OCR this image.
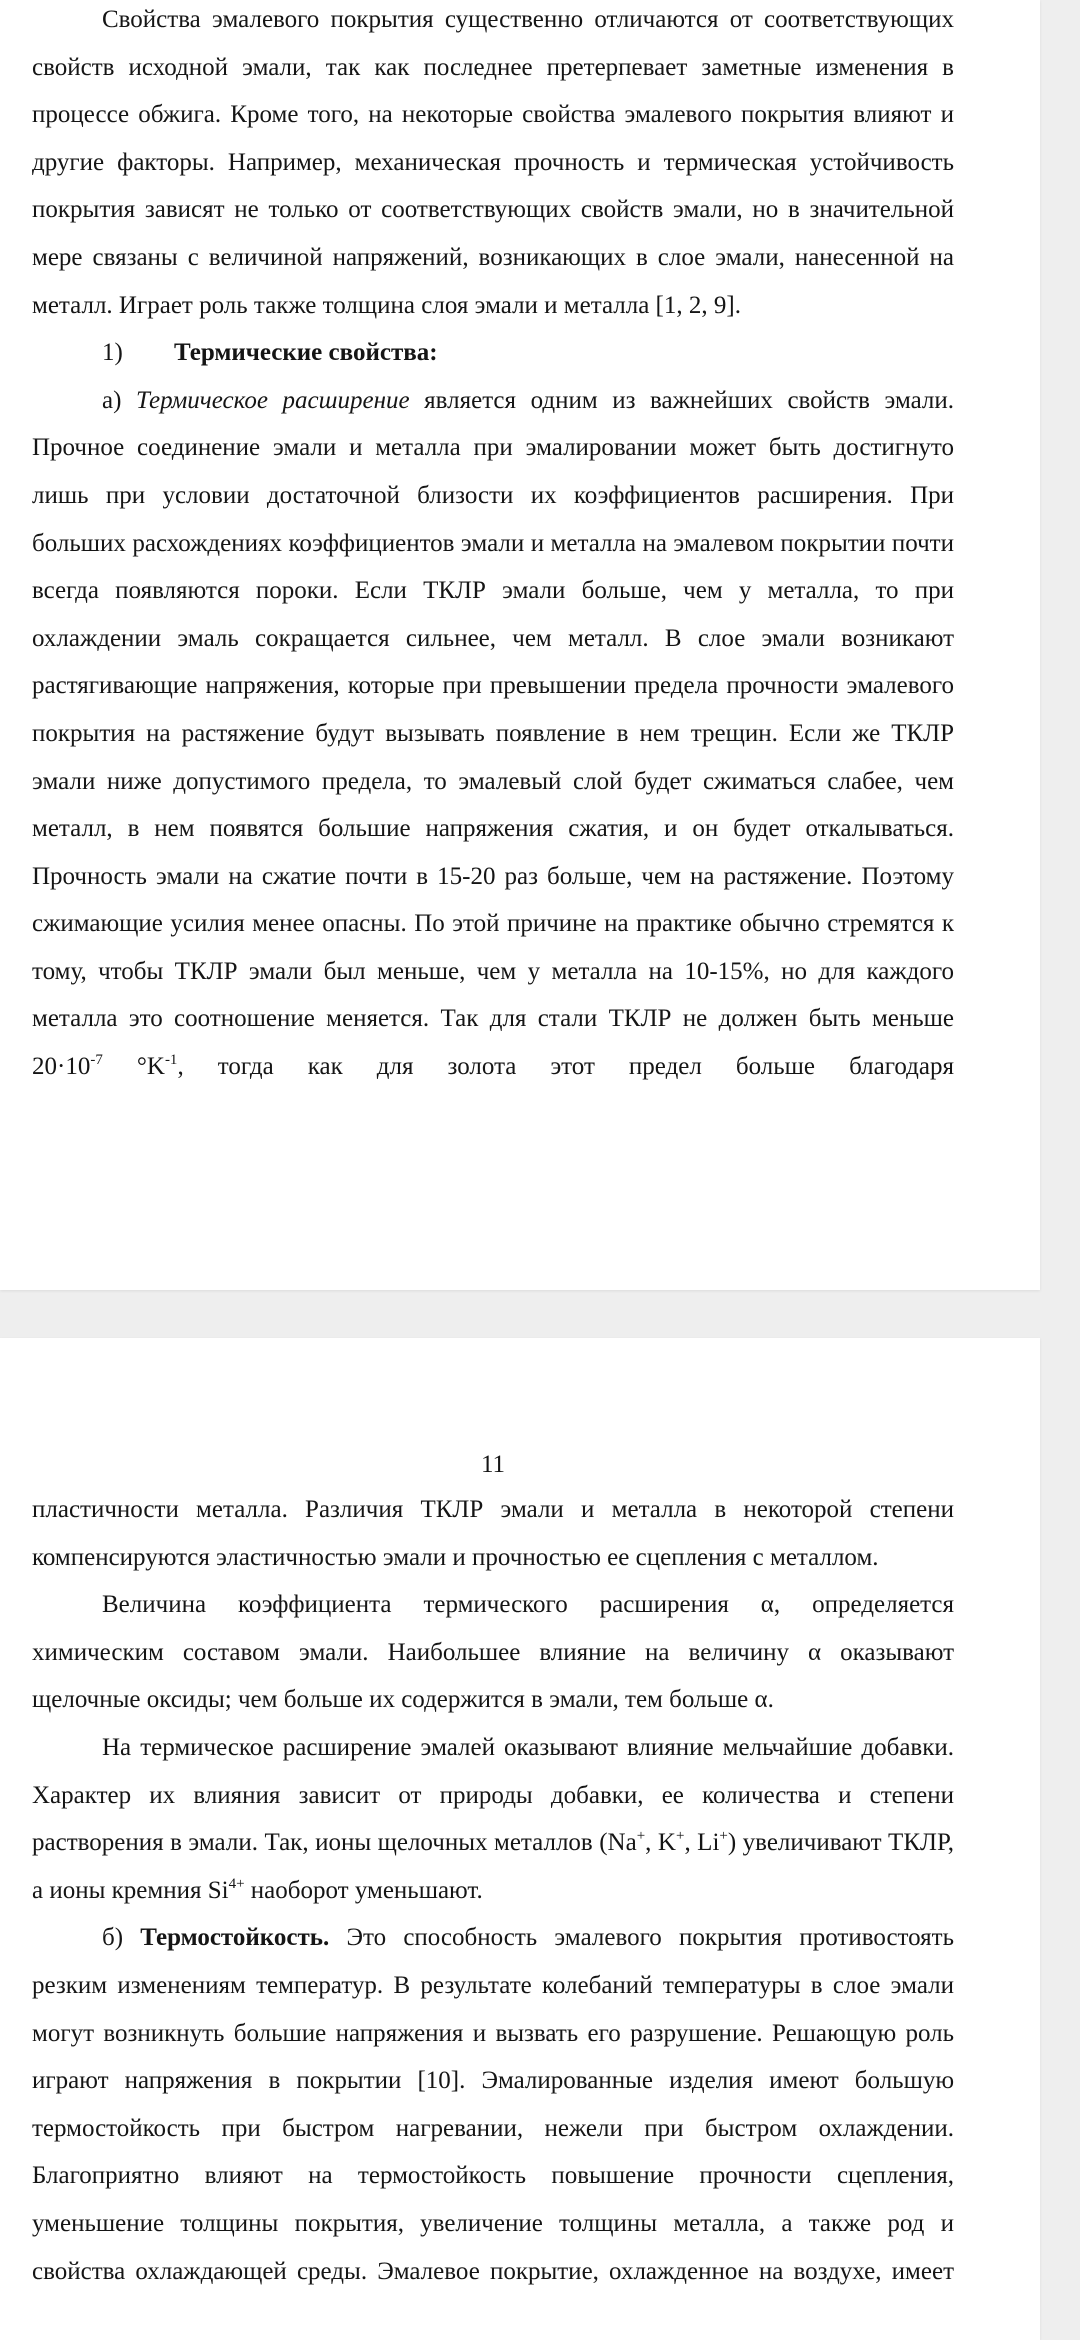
Свойства эмалевого покрытия существенно отличаются от соответствующих свойств исходной эмали, так как последнее претерпевает заметные изменения в процессе обжига. Кроме того, на некоторые свойства эмалевого покрытия влияют и другие факторы. Например, механическая прочность и термическая устойчивость покрытия зависят не только от соответствующих свойств эмали, но в значительной мере связаны с величиной напряжений, возникающих в слое эмали, нанесенной на металл. Играет роль также толщина слоя эмали и металла [1, 2, 9].

1) Термические свойства:

а) Термическое расширение является одним из важнейших свойств эмали. Прочное соединение эмали и металла при эмалировании может быть достигнуто лишь при условии достаточной близости их коэффициентов расширения. При больших расхождениях коэффициентов эмали и металла на эмалевом покрытии почти всегда появляются пороки. Если ТКЛР эмали больше, чем у металла, то при охлаждении эмаль сокращается сильнее, чем металл. В слое эмали возникают растягивающие напряжения, которые при превышении предела прочности эмалевого покрытия на растяжение будут вызывать появление в нем трещин. Если же ТКЛР эмали ниже допустимого предела, то эмалевый слой будет сжиматься слабее, чем металл, в нем появятся большие напряжения сжатия, и он будет откалываться. Прочность эмали на сжатие почти в 15-20 раз больше, чем на растяжение. Поэтому сжимающие усилия менее опасны. По этой причине на практике обычно стремятся к тому, чтобы ТКЛР эмали был меньше, чем у металла на 10-15%, но для каждого металла это соотношение меняется. Так для стали ТКЛР не должен быть меньше $20\cdot 10^{-7}$ $^\circ K^{-1}$, тогда как для золота этот предел больше благодаря

11

пластичности металла. Различия ТКЛР эмали и металла в некоторой степени компенсируются эластичностью эмали и прочностью ее сцепления с металлом.

Величина коэффициента термического расширения α, определяется химическим составом эмали. Наибольшее влияние на величину α оказывают щелочные оксиды; чем больше их содержится в эмали, тем больше α.

На термическое расширение эмалей оказывают влияние мельчайшие добавки. Характер их влияния зависит от природы добавки, ее количества и степени растворения в эмали. Так, ионы щелочных металлов (Na+, K+, Li+) увеличивают ТКЛР, а ионы кремния $Si^{4+}$ наоборот уменьшают.

б) Термостойкость. Это способность эмалевого покрытия противостоять резким изменениям температур. В результате колебаний температуры в слое эмали могут возникнуть большие напряжения и вызвать его разрушение. Решающую роль играют напряжения в покрытии [10]. Эмалированные изделия имеют большую термостойкость при быстром нагревании, нежели при быстром охлаждении. Благоприятно влияют на термостойкость повышение прочности сцепления, уменьшение толщины покрытия, увеличение толщины металла, а также род и свойства охлаждающей среды. Эмалевое покрытие, охлажденное на воздухе, имеет
